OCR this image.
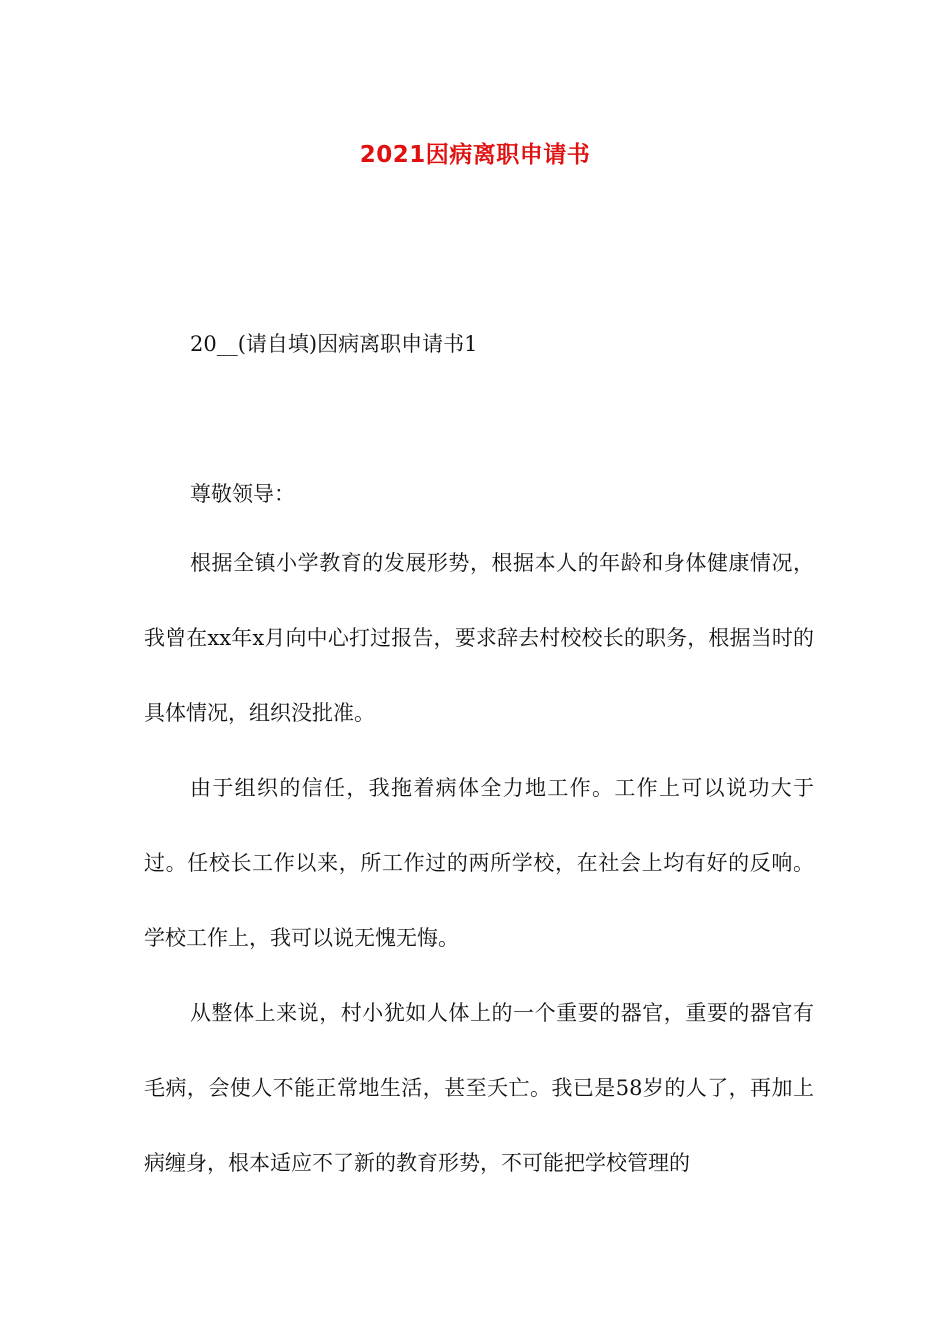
2021因病离职申请书
20__(请自填)因病离职申请书1
尊敬领导：

根据全镇小学教育的发展形势，根据本人的年龄和身体健康情况，我曾在xx年x月向中心打过报告，要求辞去村校校长的职务，根据当时的具体情况，组织没批准。

由于组织的信任，我拖着病体全力地工作。工作上可以说功大于过。任校长工作以来，所工作过的两所学校，在社会上均有好的反响。学校工作上，我可以说无愧无悔。

从整体上来说，村小犹如人体上的一个重要的器官，重要的器官有毛病，会使人不能正常地生活，甚至夭亡。我已是58岁的人了，再加上病缠身，根本适应不了新的教育形势，不可能把学校管理的
